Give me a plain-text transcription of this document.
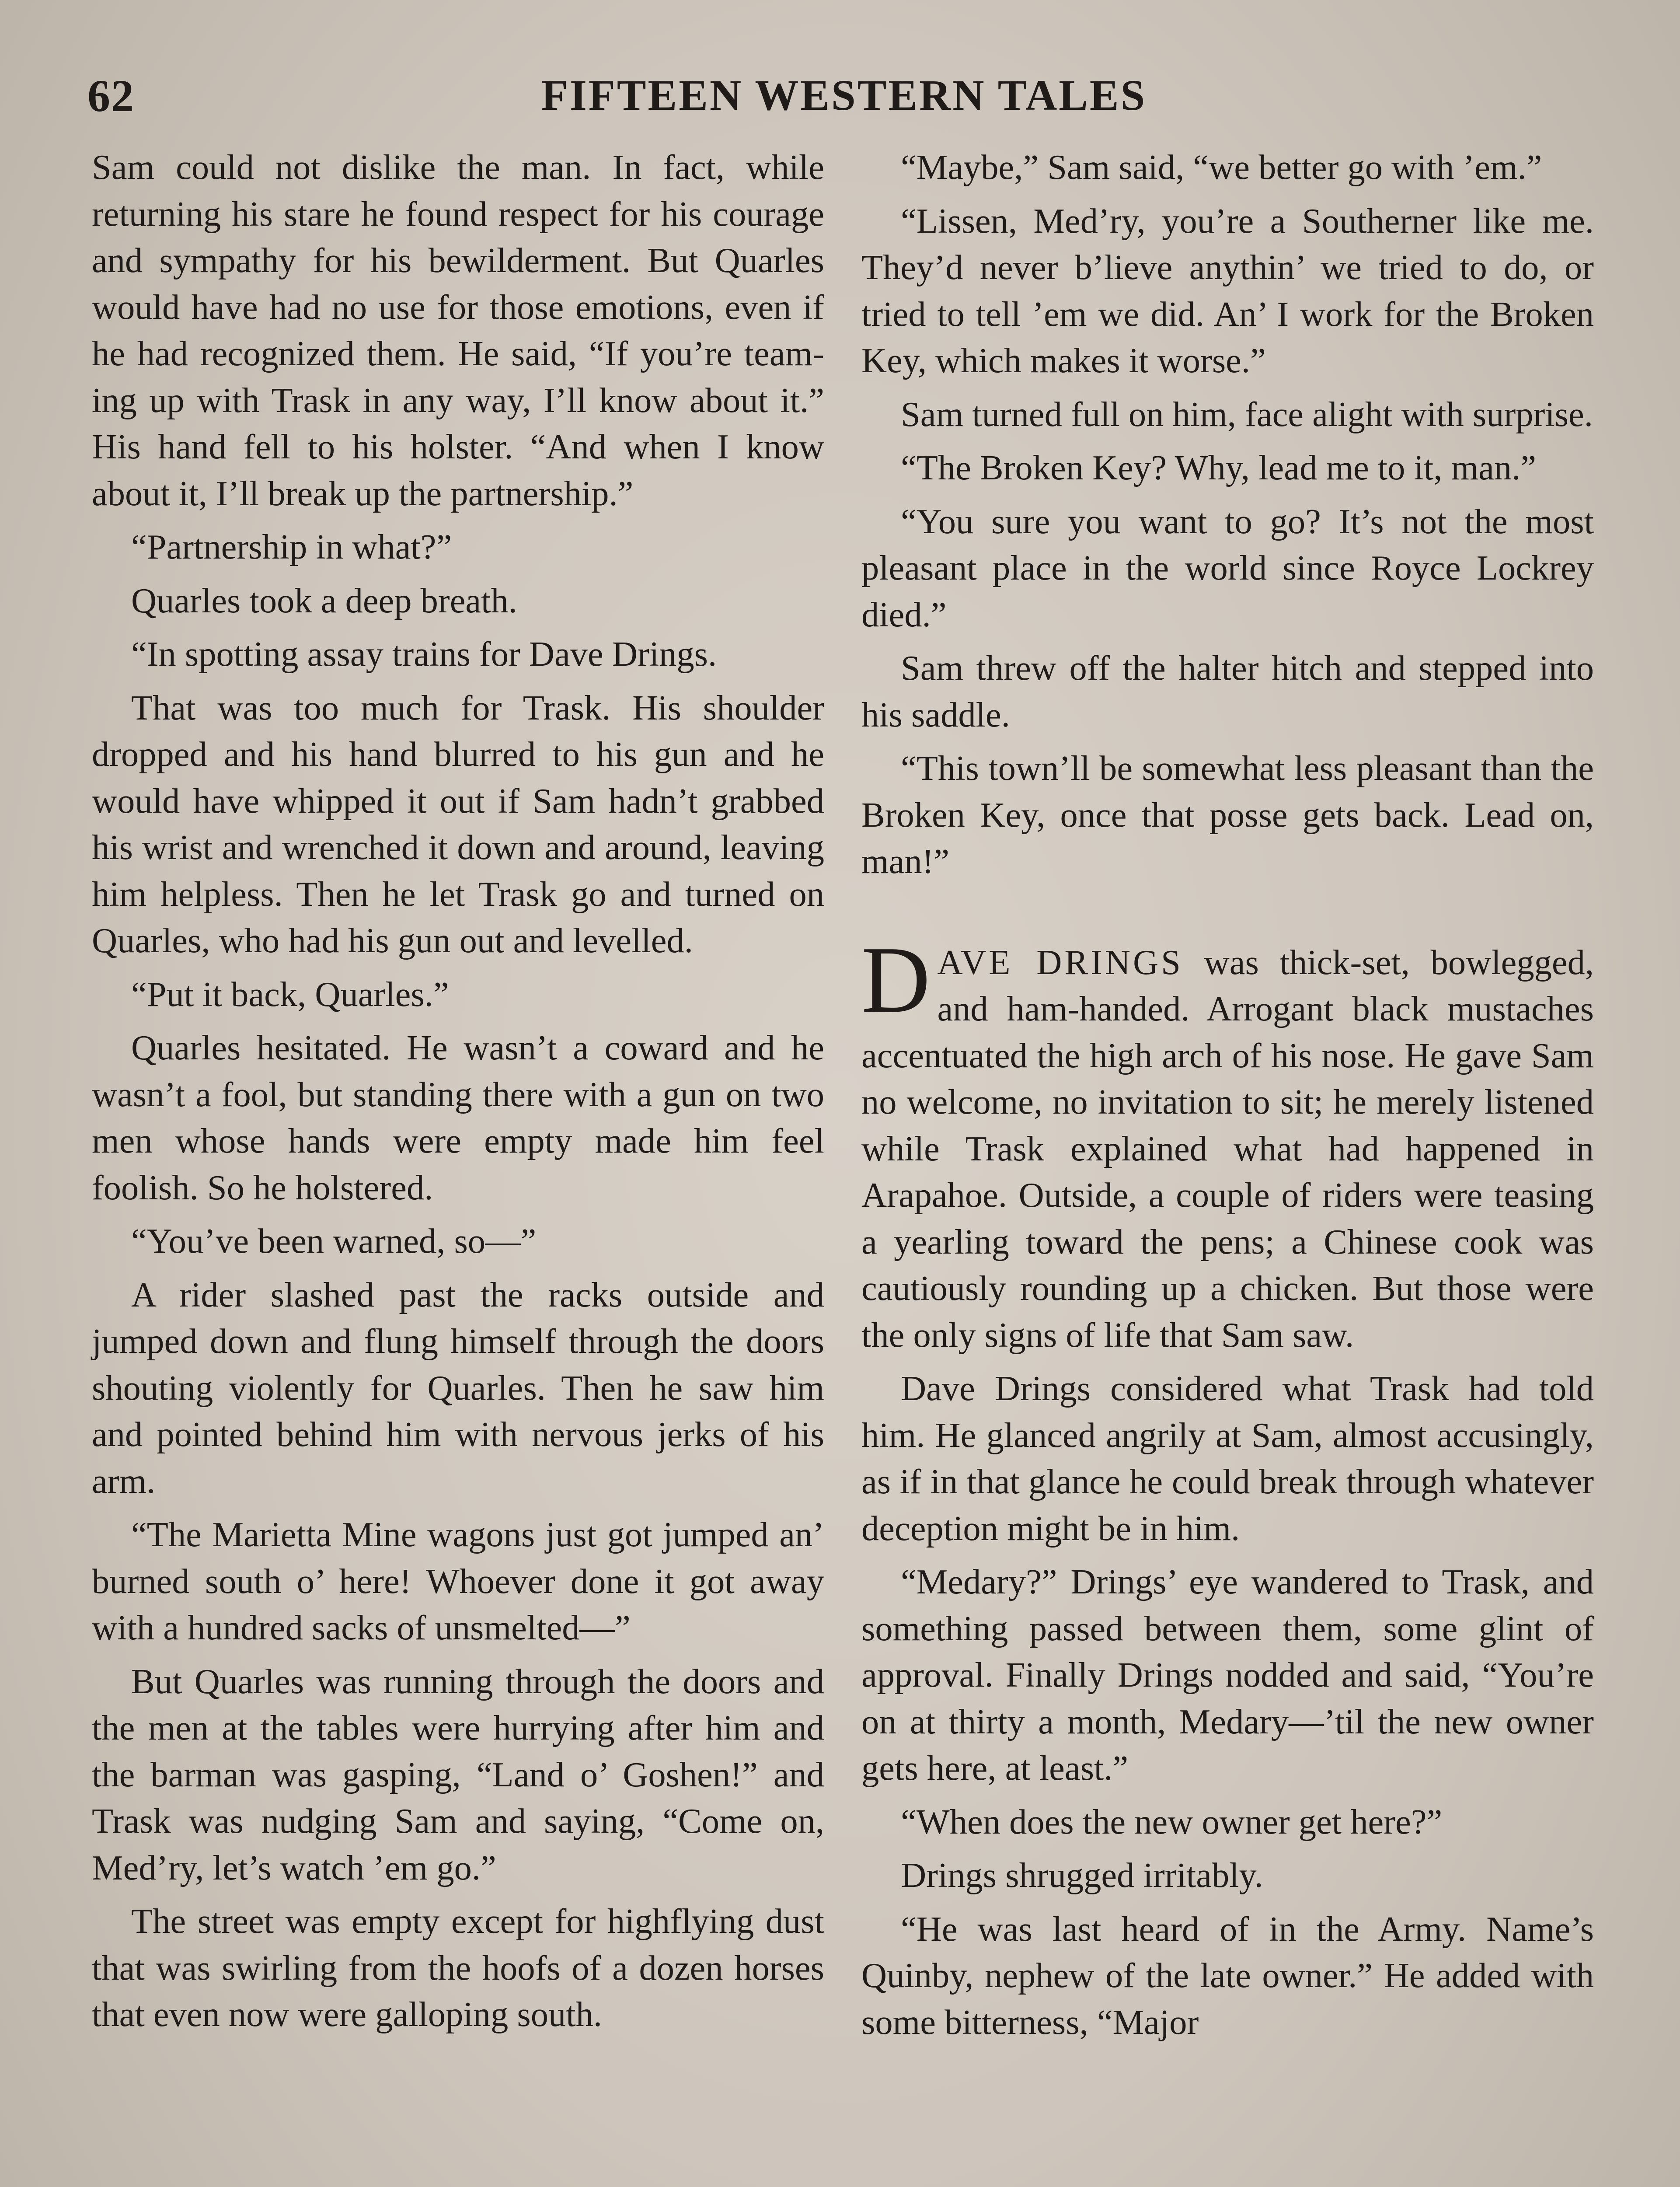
62	FIFTEEN WESTERN TALES

Sam could not dislike the man. In fact, while returning his stare he found respect for his courage and sympathy for his bewilderment. But Quarles would have had no use for those emotions, even if he had recognized them. He said, “If you’re teaming up with Trask in any way, I’ll know about it.” His hand fell to his holster. “And when I know about it, I’ll break up the partnership.”

“Partnership in what?”

Quarles took a deep breath.

“In spotting assay trains for Dave Drings.

That was too much for Trask. His shoulder dropped and his hand blurred to his gun and he would have whipped it out if Sam hadn’t grabbed his wrist and wrenched it down and around, leaving him helpless. Then he let Trask go and turned on Quarles, who had his gun out and levelled.

“Put it back, Quarles.”

Quarles hesitated. He wasn’t a coward and he wasn’t a fool, but standing there with a gun on two men whose hands were empty made him feel foolish. So he holstered.

“You’ve been warned, so—”

A rider slashed past the racks outside and jumped down and flung himself through the doors shouting violently for Quarles. Then he saw him and pointed behind him with nervous jerks of his arm.

“The Marietta Mine wagons just got jumped an’ burned south o’ here! Whoever done it got away with a hundred sacks of unsmelted—”

But Quarles was running through the doors and the men at the tables were hurrying after him and the barman was gasping, “Land o’ Goshen!” and Trask was nudging Sam and saying, “Come on, Med’ry, let’s watch ’em go.”

The street was empty except for highflying dust that was swirling from the hoofs of a dozen horses that even now were galloping south.

“Maybe,” Sam said, “we better go with ’em.”

“Lissen, Med’ry, you’re a Southerner like me. They’d never b’lieve anythin’ we tried to do, or tried to tell ’em we did. An’ I work for the Broken Key, which makes it worse.”

Sam turned full on him, face alight with surprise.

“The Broken Key? Why, lead me to it, man.”

“You sure you want to go? It’s not the most pleasant place in the world since Royce Lockrey died.”

Sam threw off the halter hitch and stepped into his saddle.

“This town’ll be somewhat less pleasant than the Broken Key, once that posse gets back. Lead on, man!”

DAVE DRINGS was thick-set, bowlegged, and ham-handed. Arrogant black mustaches accentuated the high arch of his nose. He gave Sam no welcome, no invitation to sit; he merely listened while Trask explained what had happened in Arapahoe. Outside, a couple of riders were teasing a yearling toward the pens; a Chinese cook was cautiously rounding up a chicken. But those were the only signs of life that Sam saw.

Dave Drings considered what Trask had told him. He glanced angrily at Sam, almost accusingly, as if in that glance he could break through whatever deception might be in him.

“Medary?” Drings’ eye wandered to Trask, and something passed between them, some glint of approval. Finally Drings nodded and said, “You’re on at thirty a month, Medary—’til the new owner gets here, at least.”

“When does the new owner get here?”

Drings shrugged irritably.

“He was last heard of in the Army. Name’s Quinby, nephew of the late owner.” He added with some bitterness, “Major
